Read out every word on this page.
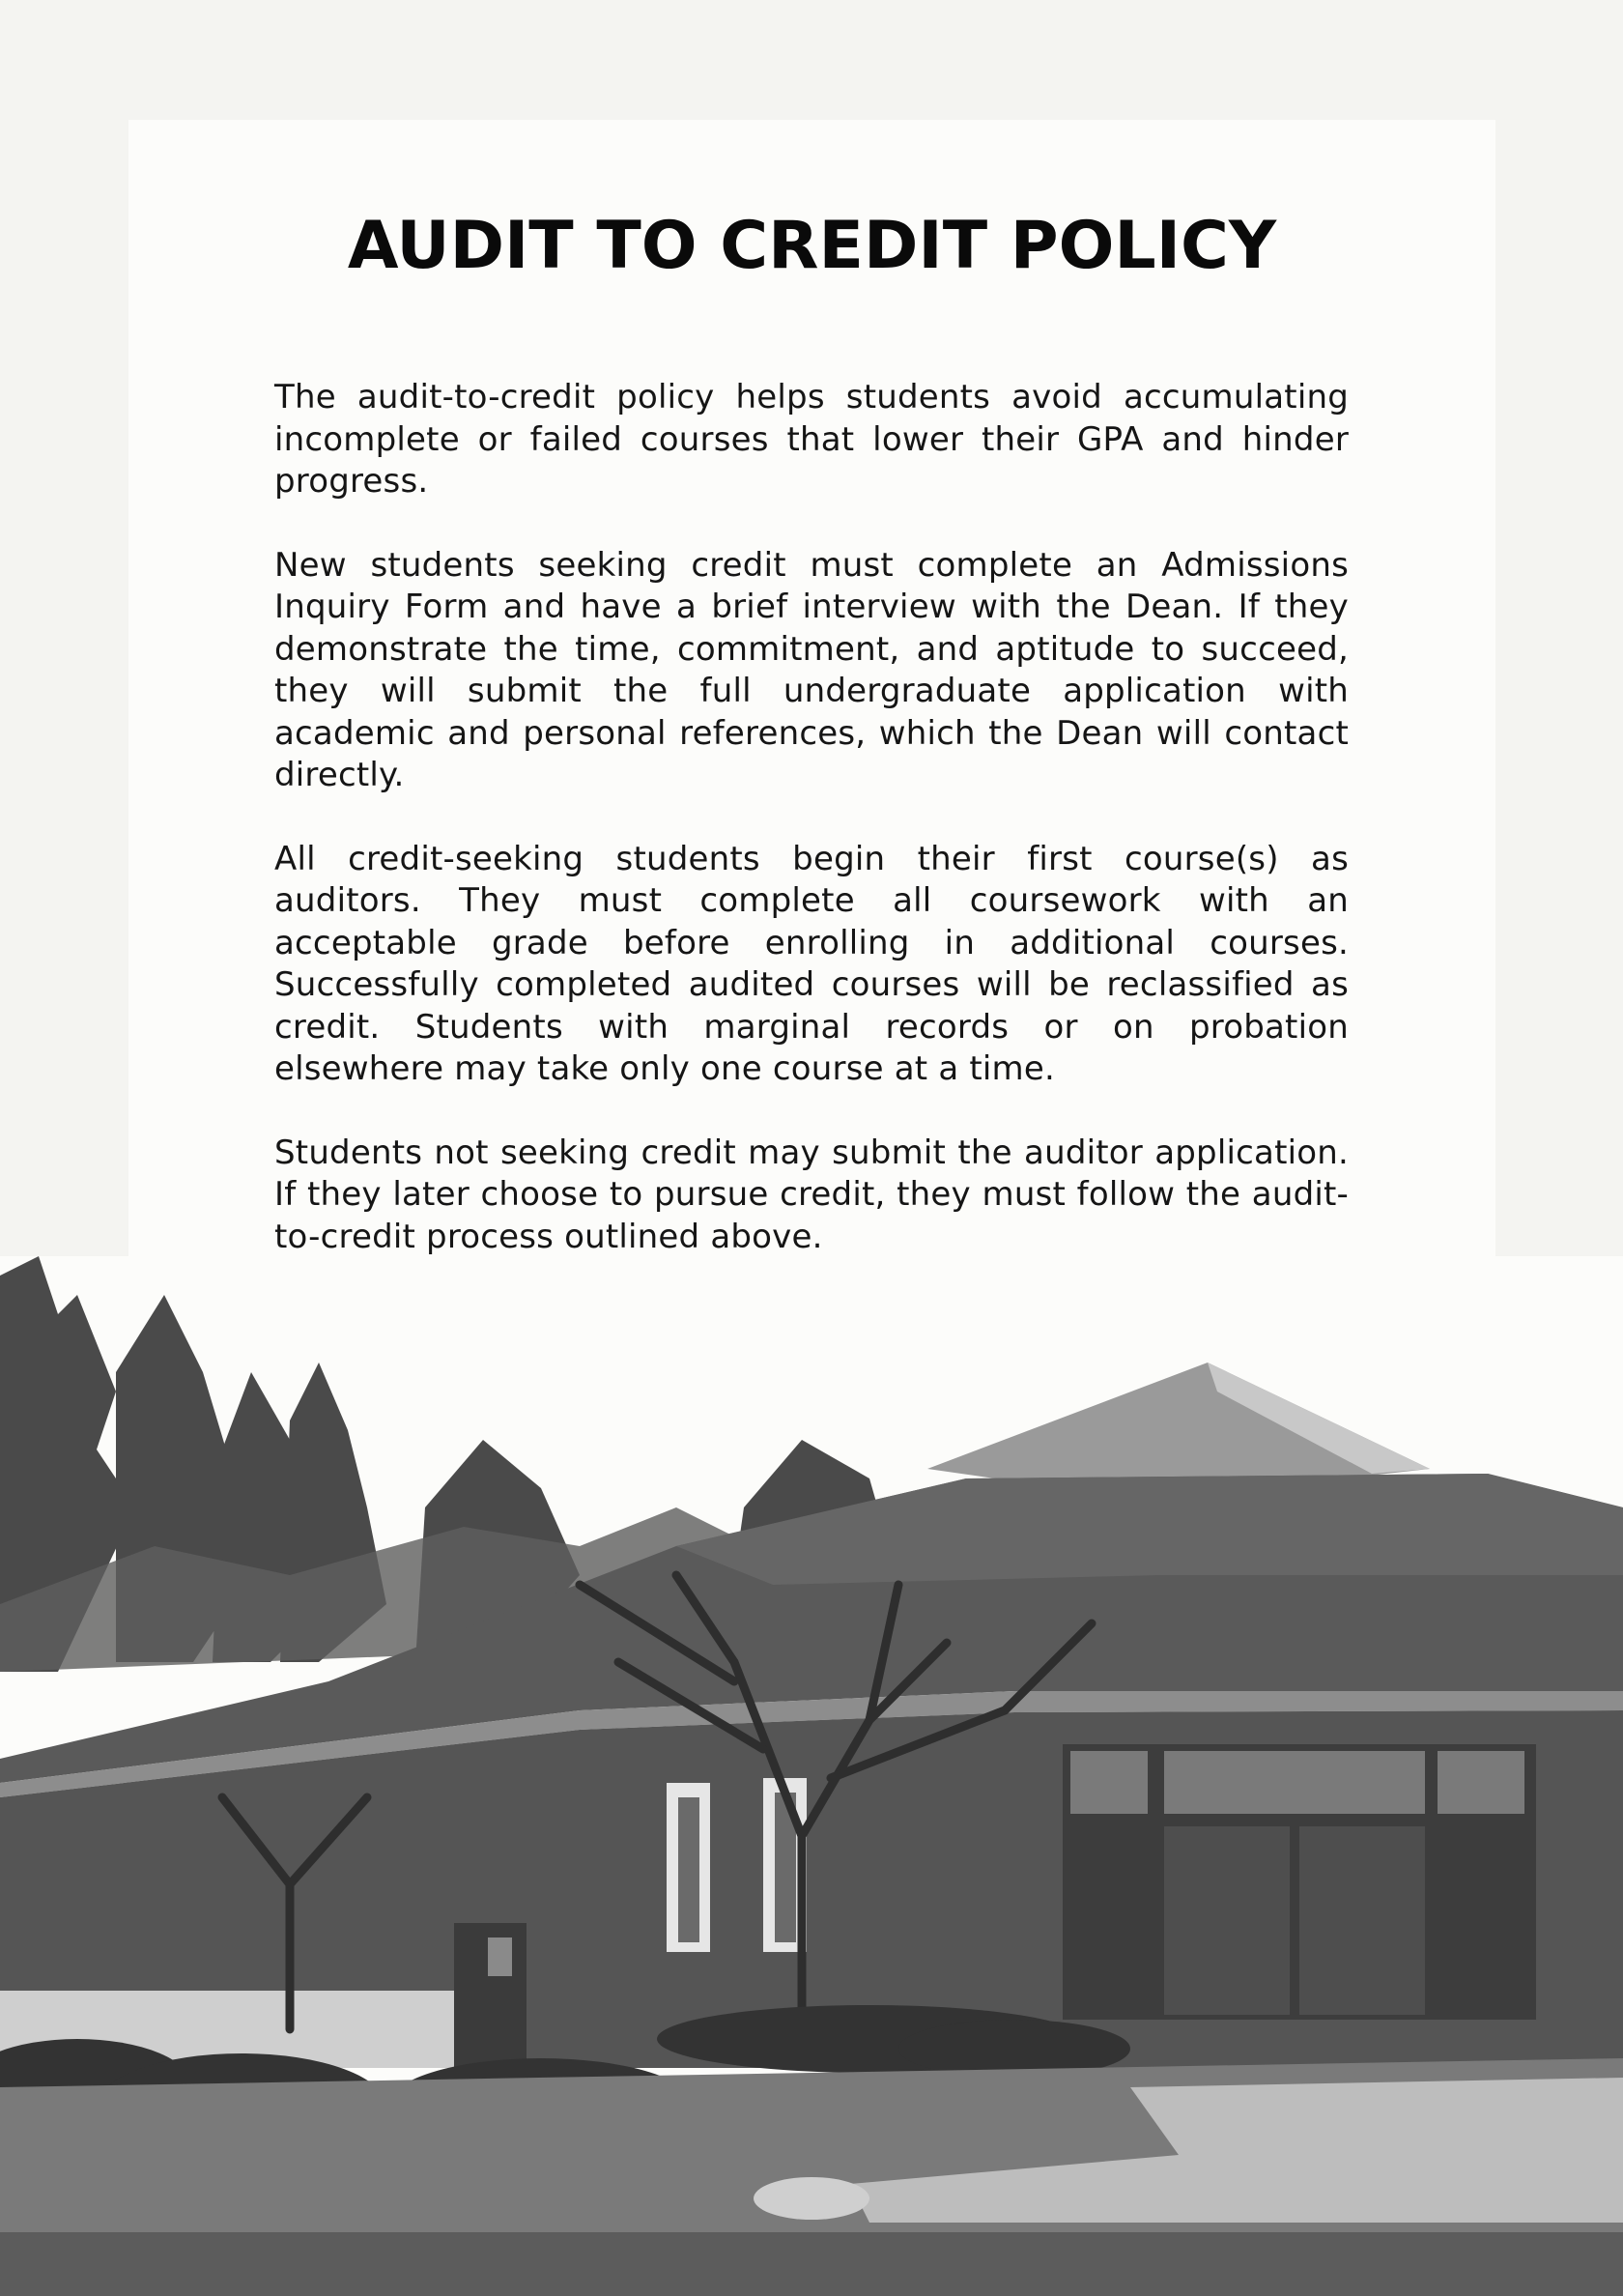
AUDIT TO CREDIT POLICY

The audit-to-credit policy helps students avoid accumulating incomplete or failed courses that lower their GPA and hinder progress.

New students seeking credit must complete an Admissions Inquiry Form and have a brief interview with the Dean. If they demonstrate the time, commitment, and aptitude to succeed, they will submit the full undergraduate application with academic and personal references, which the Dean will contact directly.

All credit-seeking students begin their first course(s) as auditors. They must complete all coursework with an acceptable grade before enrolling in additional courses. Successfully completed audited courses will be reclassified as credit. Students with marginal records or on probation elsewhere may take only one course at a time.

Students not seeking credit may submit the auditor application. If they later choose to pursue credit, they must follow the audit-to-credit process outlined above.
